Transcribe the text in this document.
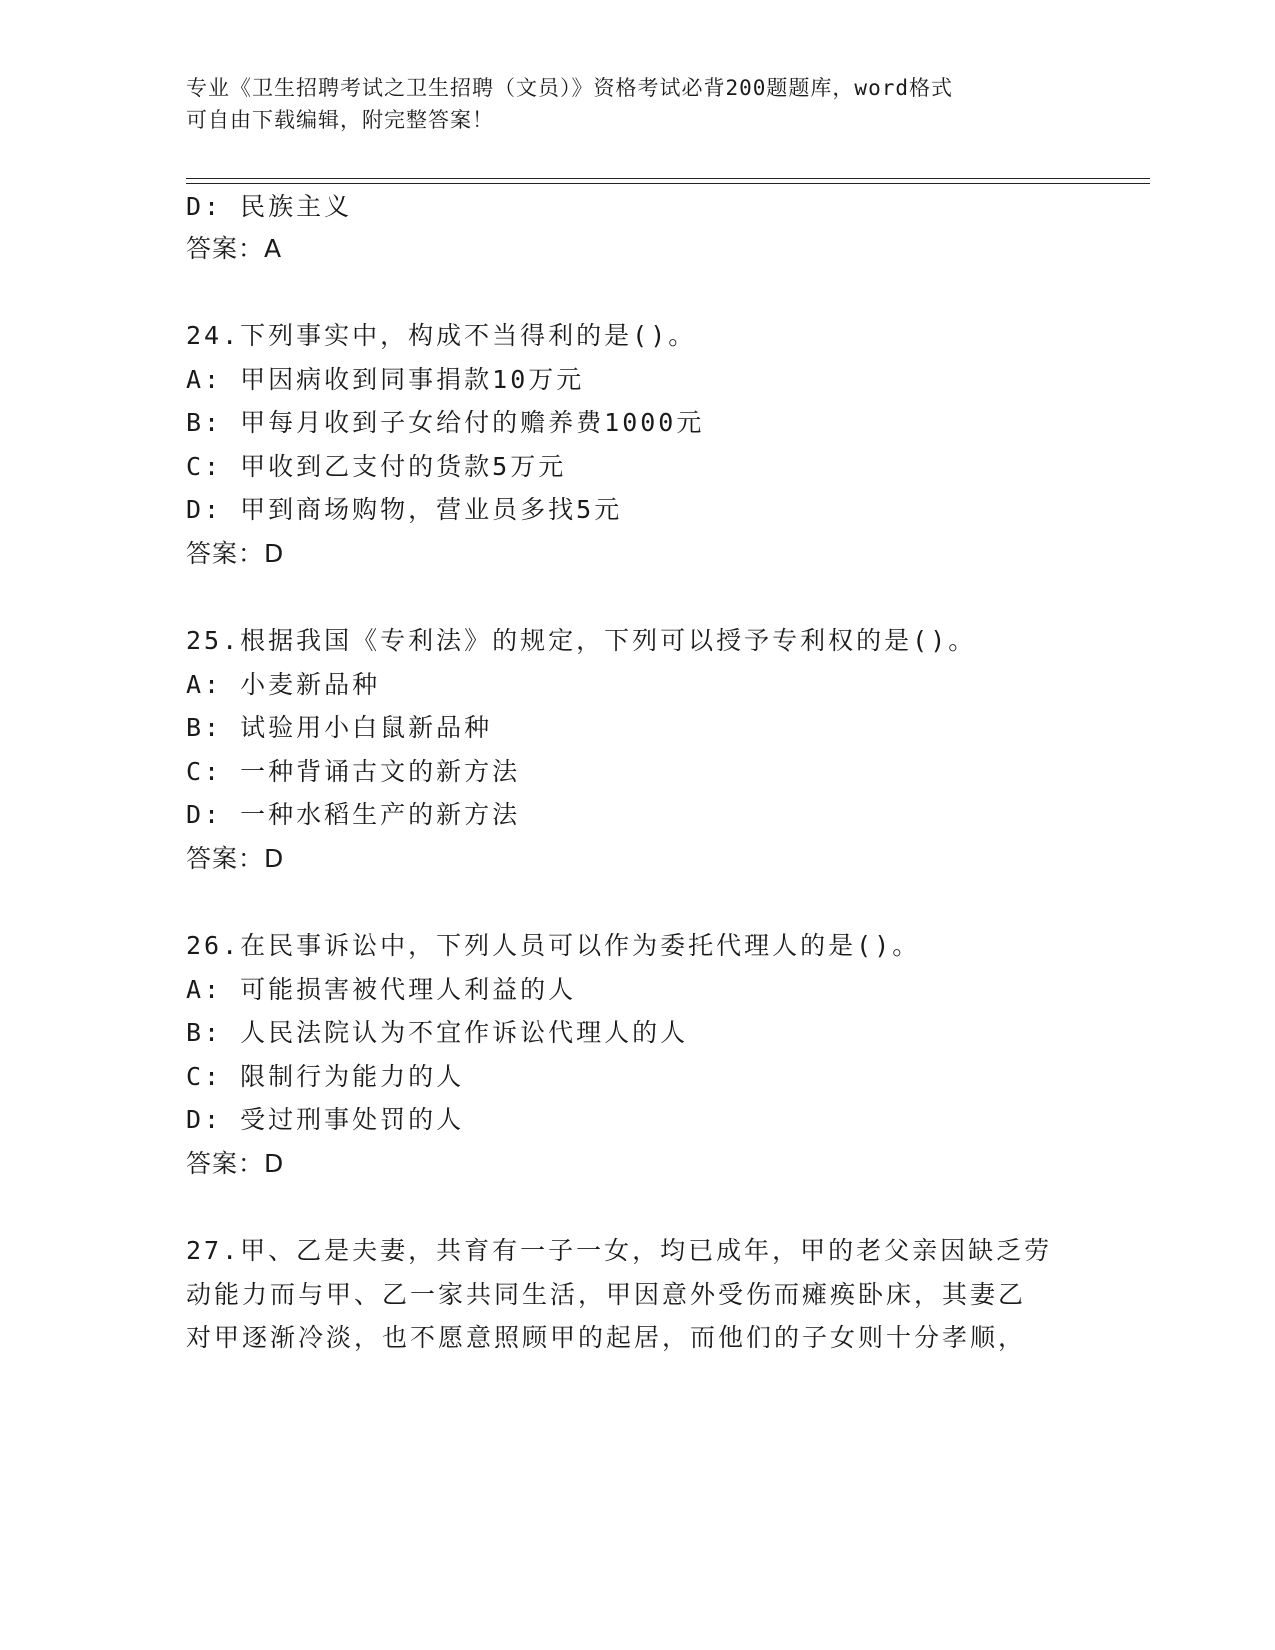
专业《卫生招聘考试之卫生招聘（文员）》资格考试必背200题题库，word格式
可自由下载编辑，附完整答案！
D: 民族主义
答案：A
24.下列事实中，构成不当得利的是()。
A: 甲因病收到同事捐款10万元
B: 甲每月收到子女给付的赡养费1000元
C: 甲收到乙支付的货款5万元
D: 甲到商场购物，营业员多找5元
答案：D
25.根据我国《专利法》的规定，下列可以授予专利权的是()。
A: 小麦新品种
B: 试验用小白鼠新品种
C: 一种背诵古文的新方法
D: 一种水稻生产的新方法
答案：D
26.在民事诉讼中，下列人员可以作为委托代理人的是()。
A: 可能损害被代理人利益的人
B: 人民法院认为不宜作诉讼代理人的人
C: 限制行为能力的人
D: 受过刑事处罚的人
答案：D
27.甲、乙是夫妻，共育有一子一女，均已成年，甲的老父亲因缺乏劳
动能力而与甲、乙一家共同生活，甲因意外受伤而瘫痪卧床，其妻乙
对甲逐渐冷淡，也不愿意照顾甲的起居，而他们的子女则十分孝顺，
